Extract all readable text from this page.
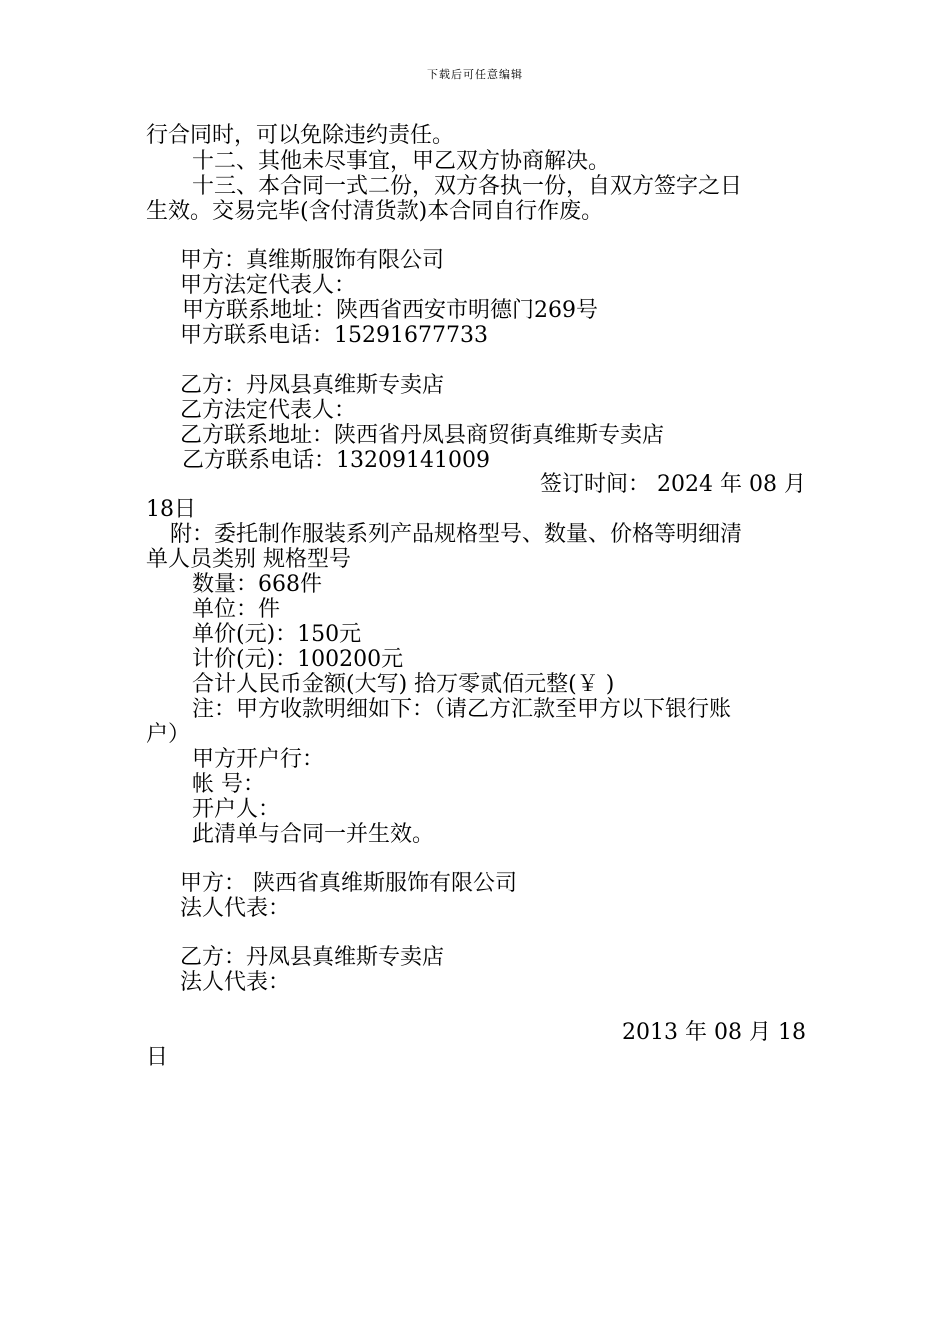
下载后可任意编辑
行合同时，可以免除违约责任。
十二、其他未尽事宜，甲乙双方协商解决。
十三、本合同一式二份，双方各执一份，自双方签字之日
生效。交易完毕(含付清货款)本合同自行作废。
甲方：真维斯服饰有限公司
甲方法定代表人：
甲方联系地址：陕西省西安市明德门269号
甲方联系电话：15291677733
乙方：丹凤县真维斯专卖店
乙方法定代表人：
乙方联系地址：陕西省丹凤县商贸街真维斯专卖店
乙方联系电话：13209141009
签订时间： 2024 年 08 月
18日
附：委托制作服装系列产品规格型号、数量、价格等明细清
单人员类别 规格型号
数量：668件
单位：件
单价(元)：150元
计价(元)：100200元
合计人民币金额(大写) 拾万零贰佰元整(￥ )
注：甲方收款明细如下：（请乙方汇款至甲方以下银行账
户）
甲方开户行：
帐 号：
开户人：
此清单与合同一并生效。
甲方： 陕西省真维斯服饰有限公司
法人代表：
乙方：丹凤县真维斯专卖店
法人代表：
2013 年 08 月 18
日
